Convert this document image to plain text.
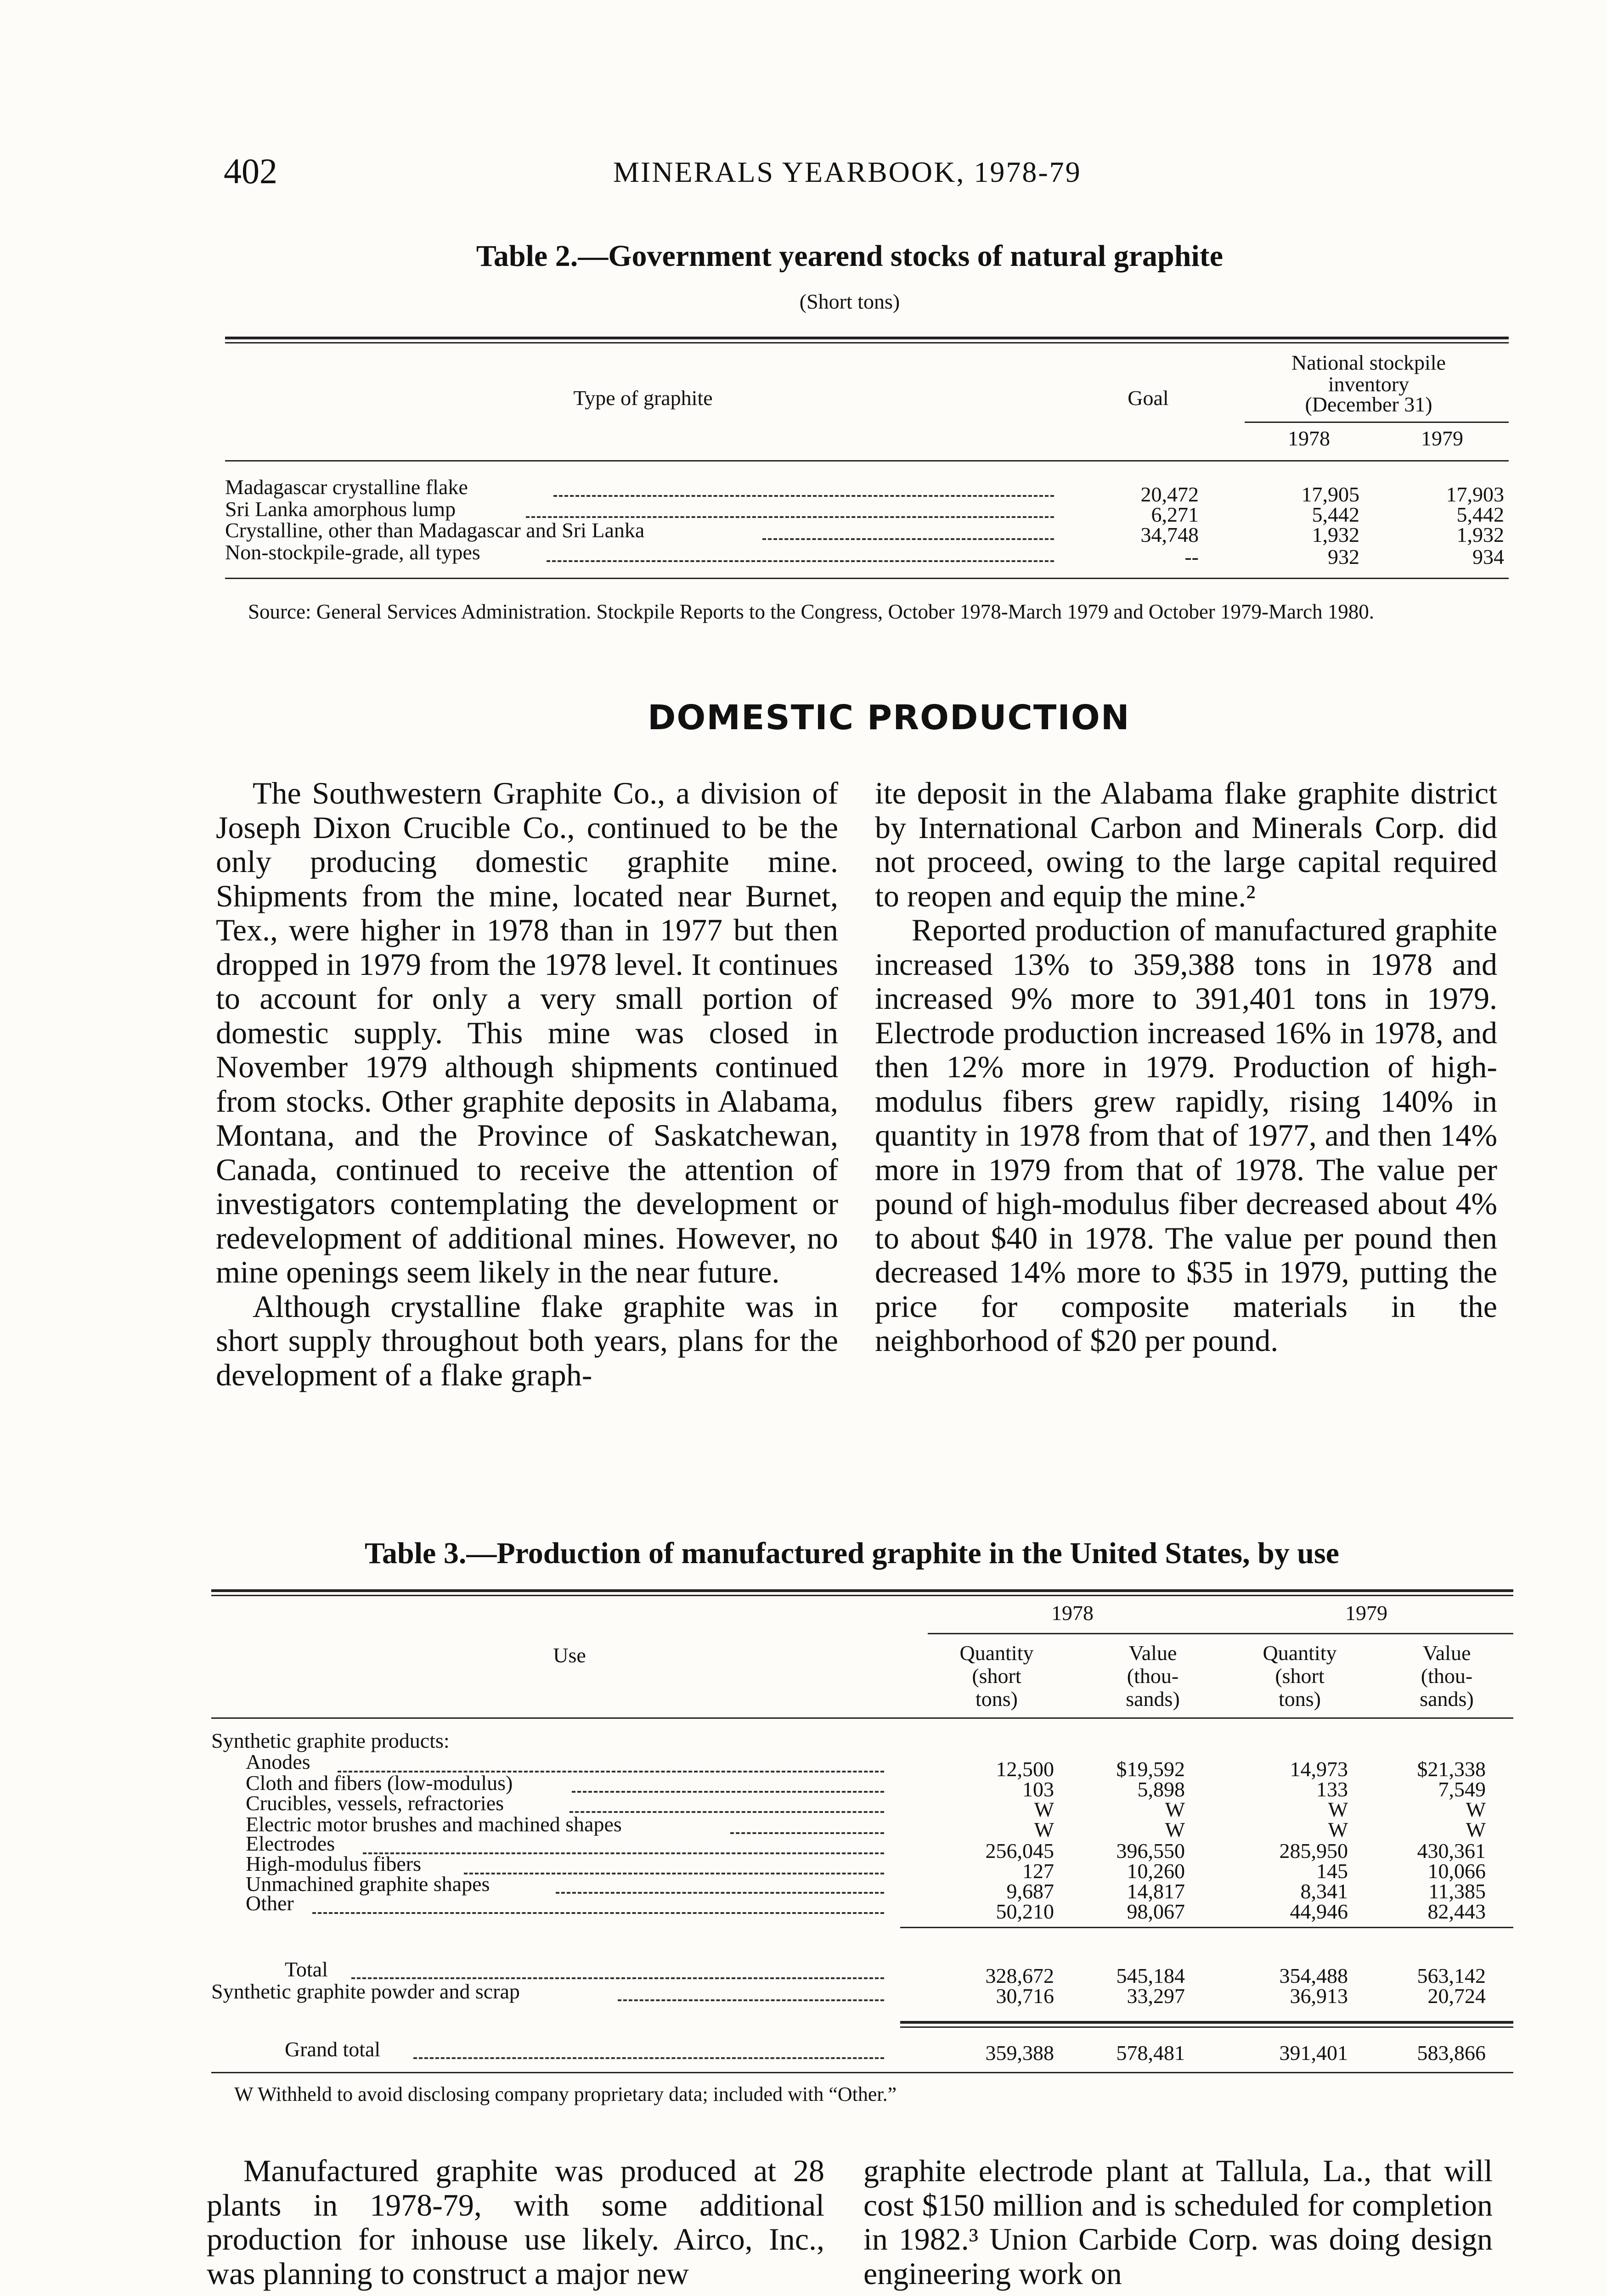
402	MINERALS YEARBOOK, 1978-79
Table 2.—Government yearend stocks of natural graphite
(Short tons)
Type of graphite	Goal
National stockpile
inventory
(December 31)
1978	1979
Madagascar crystalline flake	20,472	17,905	17,903
Sri Lanka amorphous lump	6,271	5,442	5,442
Crystalline, other than Madagascar and Sri Lanka	34,748	1,932	1,932
Non-stockpile-grade, all types	--	932	934
Source: General Services Administration. Stockpile Reports to the Congress, October 1978-March 1979 and October 1979-March 1980.
DOMESTIC PRODUCTION

The Southwestern Graphite Co., a division of Joseph Dixon Crucible Co., continued to be the only producing domestic graphite mine. Shipments from the mine, located near Burnet, Tex., were higher in 1978 than in 1977 but then dropped in 1979 from the 1978 level. It continues to account for only a very small portion of domestic supply. This mine was closed in November 1979 although shipments continued from stocks. Other graphite deposits in Alabama, Montana, and the Province of Saskatchewan, Canada, continued to receive the attention of investigators contemplating the development or redevelopment of additional mines. However, no mine openings seem likely in the near future.

Although crystalline flake graphite was in short supply throughout both years, plans for the development of a flake graph-

ite deposit in the Alabama flake graphite district by International Carbon and Minerals Corp. did not proceed, owing to the large capital required to reopen and equip the mine.²

Reported production of manufactured graphite increased 13% to 359,388 tons in 1978 and increased 9% more to 391,401 tons in 1979. Electrode production increased 16% in 1978, and then 12% more in 1979. Production of high-modulus fibers grew rapidly, rising 140% in quantity in 1978 from that of 1977, and then 14% more in 1979 from that of 1978. The value per pound of high-modulus fiber decreased about 4% to about $40 in 1978. The value per pound then decreased 14% more to $35 in 1979, putting the price for composite materials in the neighborhood of $20 per pound.

Table 3.—Production of manufactured graphite in the United States, by use
Use
1978	1979
Quantity
(short
tons)
Value
(thou-
sands)
Quantity
(short
tons)
Value
(thou-
sands)
Synthetic graphite products:
Anodes	12,500	$19,592	14,973	$21,338
Cloth and fibers (low-modulus)	103	5,898	133	7,549
Crucibles, vessels, refractories	W	W	W	W
Electric motor brushes and machined shapes	W	W	W	W
Electrodes	256,045	396,550	285,950	430,361
High-modulus fibers	127	10,260	145	10,066
Unmachined graphite shapes	9,687	14,817	8,341	11,385
Other	50,210	98,067	44,946	82,443
Total	328,672	545,184	354,488	563,142
Synthetic graphite powder and scrap	30,716	33,297	36,913	20,724
Grand total	359,388	578,481	391,401	583,866
W Withheld to avoid disclosing company proprietary data; included with “Other.”

Manufactured graphite was produced at 28 plants in 1978-79, with some additional production for inhouse use likely. Airco, Inc., was planning to construct a major new

graphite electrode plant at Tallula, La., that will cost $150 million and is scheduled for completion in 1982.³ Union Carbide Corp. was doing design engineering work on
